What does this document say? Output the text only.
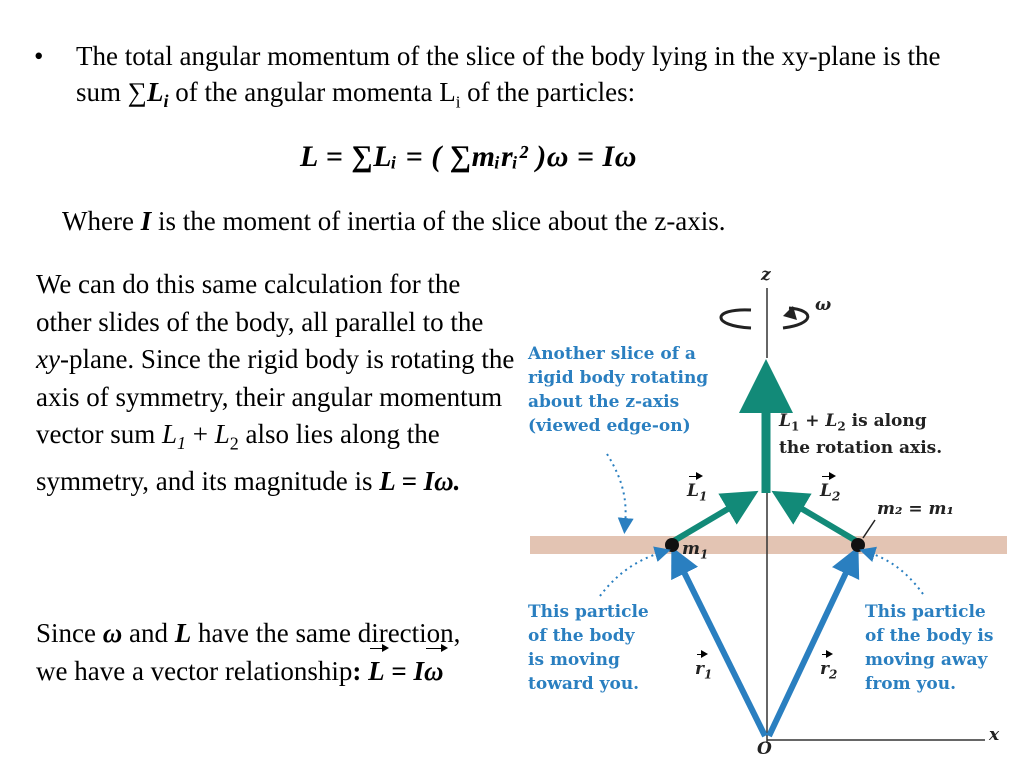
• The total angular momentum of the slice of the body lying in the xy-plane is the sum $\sum L_i$ of the angular momenta $L_i$ of the particles:
L = ∑Lᵢ = ( ∑mᵢrᵢ² )ω = Iω
Where I is the moment of inertia of the slice about the z-axis.
We can do this same calculation for the other slides of the body, all parallel to the xy-plane. Since the rigid body is rotating the axis of symmetry, their angular momentum vector sum $L_1 + L_2$ also lies along the symmetry, and its magnitude is L = Iω.
Since ω and L have the same direction, we have a vector relationship: L = Iω
Another slice of a
rigid body rotating
about the z-axis
(viewed edge-on)	$L_1 + L_2$ is along
the rotation axis.
This particle
of the body
is moving
toward you.
This particle
of the body is
moving away
from you.
z
ω
x
O
$m_1$
m₂ = m₁
$L_1$	$L_2$
$r_1$	$r_2$
